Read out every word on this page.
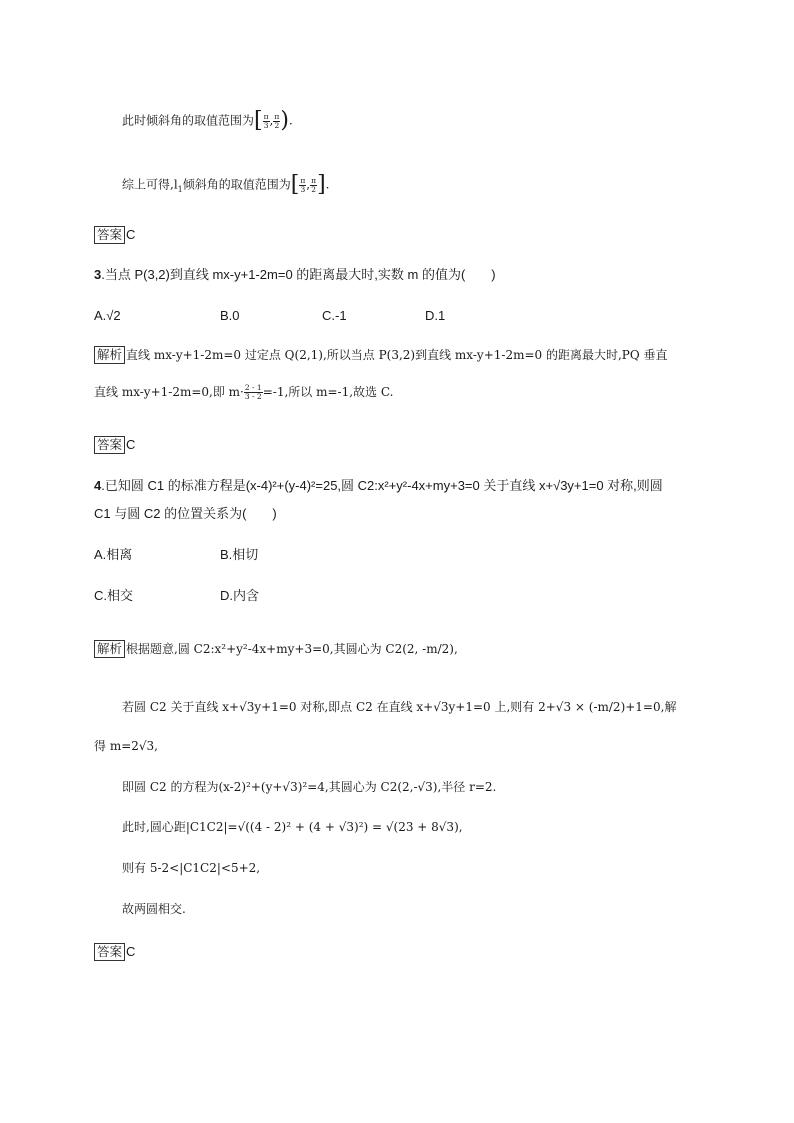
此时倾斜角的取值范围为[ $\frac{\pi}{3}$ , $\frac{\pi}{2}$ ).
综上可得$,l_1$倾斜角的取值范围为[ $\frac{\pi}{3}$ , $\frac{\pi}{2}$ ].
答案 C
3.当点 P(3,2)到直线 mx-y+1-2m=0 的距离最大时,实数 m 的值为( )
A.√2	B.0	C.-1	D.1
解析 直线 mx-y+1-2m=0 过定点 Q(2,1),所以当点 P(3,2)到直线 mx-y+1-2m=0 的距离最大时,PQ 垂直
直线 mx-y+1-2m=0,即 $m\cdot \frac{2 - 1}{3 - 2} =-1$,所以 m=-1,故选 C.
答案 C
4.已知圆 C1 的标准方程是(x-4)²+(y-4)²=25,圆 C2:x²+y²-4x+my+3=0 关于直线 x+√3y+1=0 对称,则圆
C1 与圆 C2 的位置关系为( )
A.相离	B.相切
C.相交	D.内含
解析 根据题意,圆 C2:x²+y²-4x+my+3=0,其圆心为 C2(2, -m/2),
若圆 C2 关于直线 x+√3y+1=0 对称,即点 C2 在直线 x+√3y+1=0 上,则有 2+√3 × (-m/2)+1=0,解
得 m=2√3,
即圆 C2 的方程为(x-2)²+(y+√3)²=4,其圆心为 C2(2,-√3),半径 r=2.
此时,圆心距|C1C2|=√((4 - 2)² + (4 + √3)²) = √(23 + 8√3),
则有 5-2<|C1C2|<5+2,
故两圆相交.
答案 C
